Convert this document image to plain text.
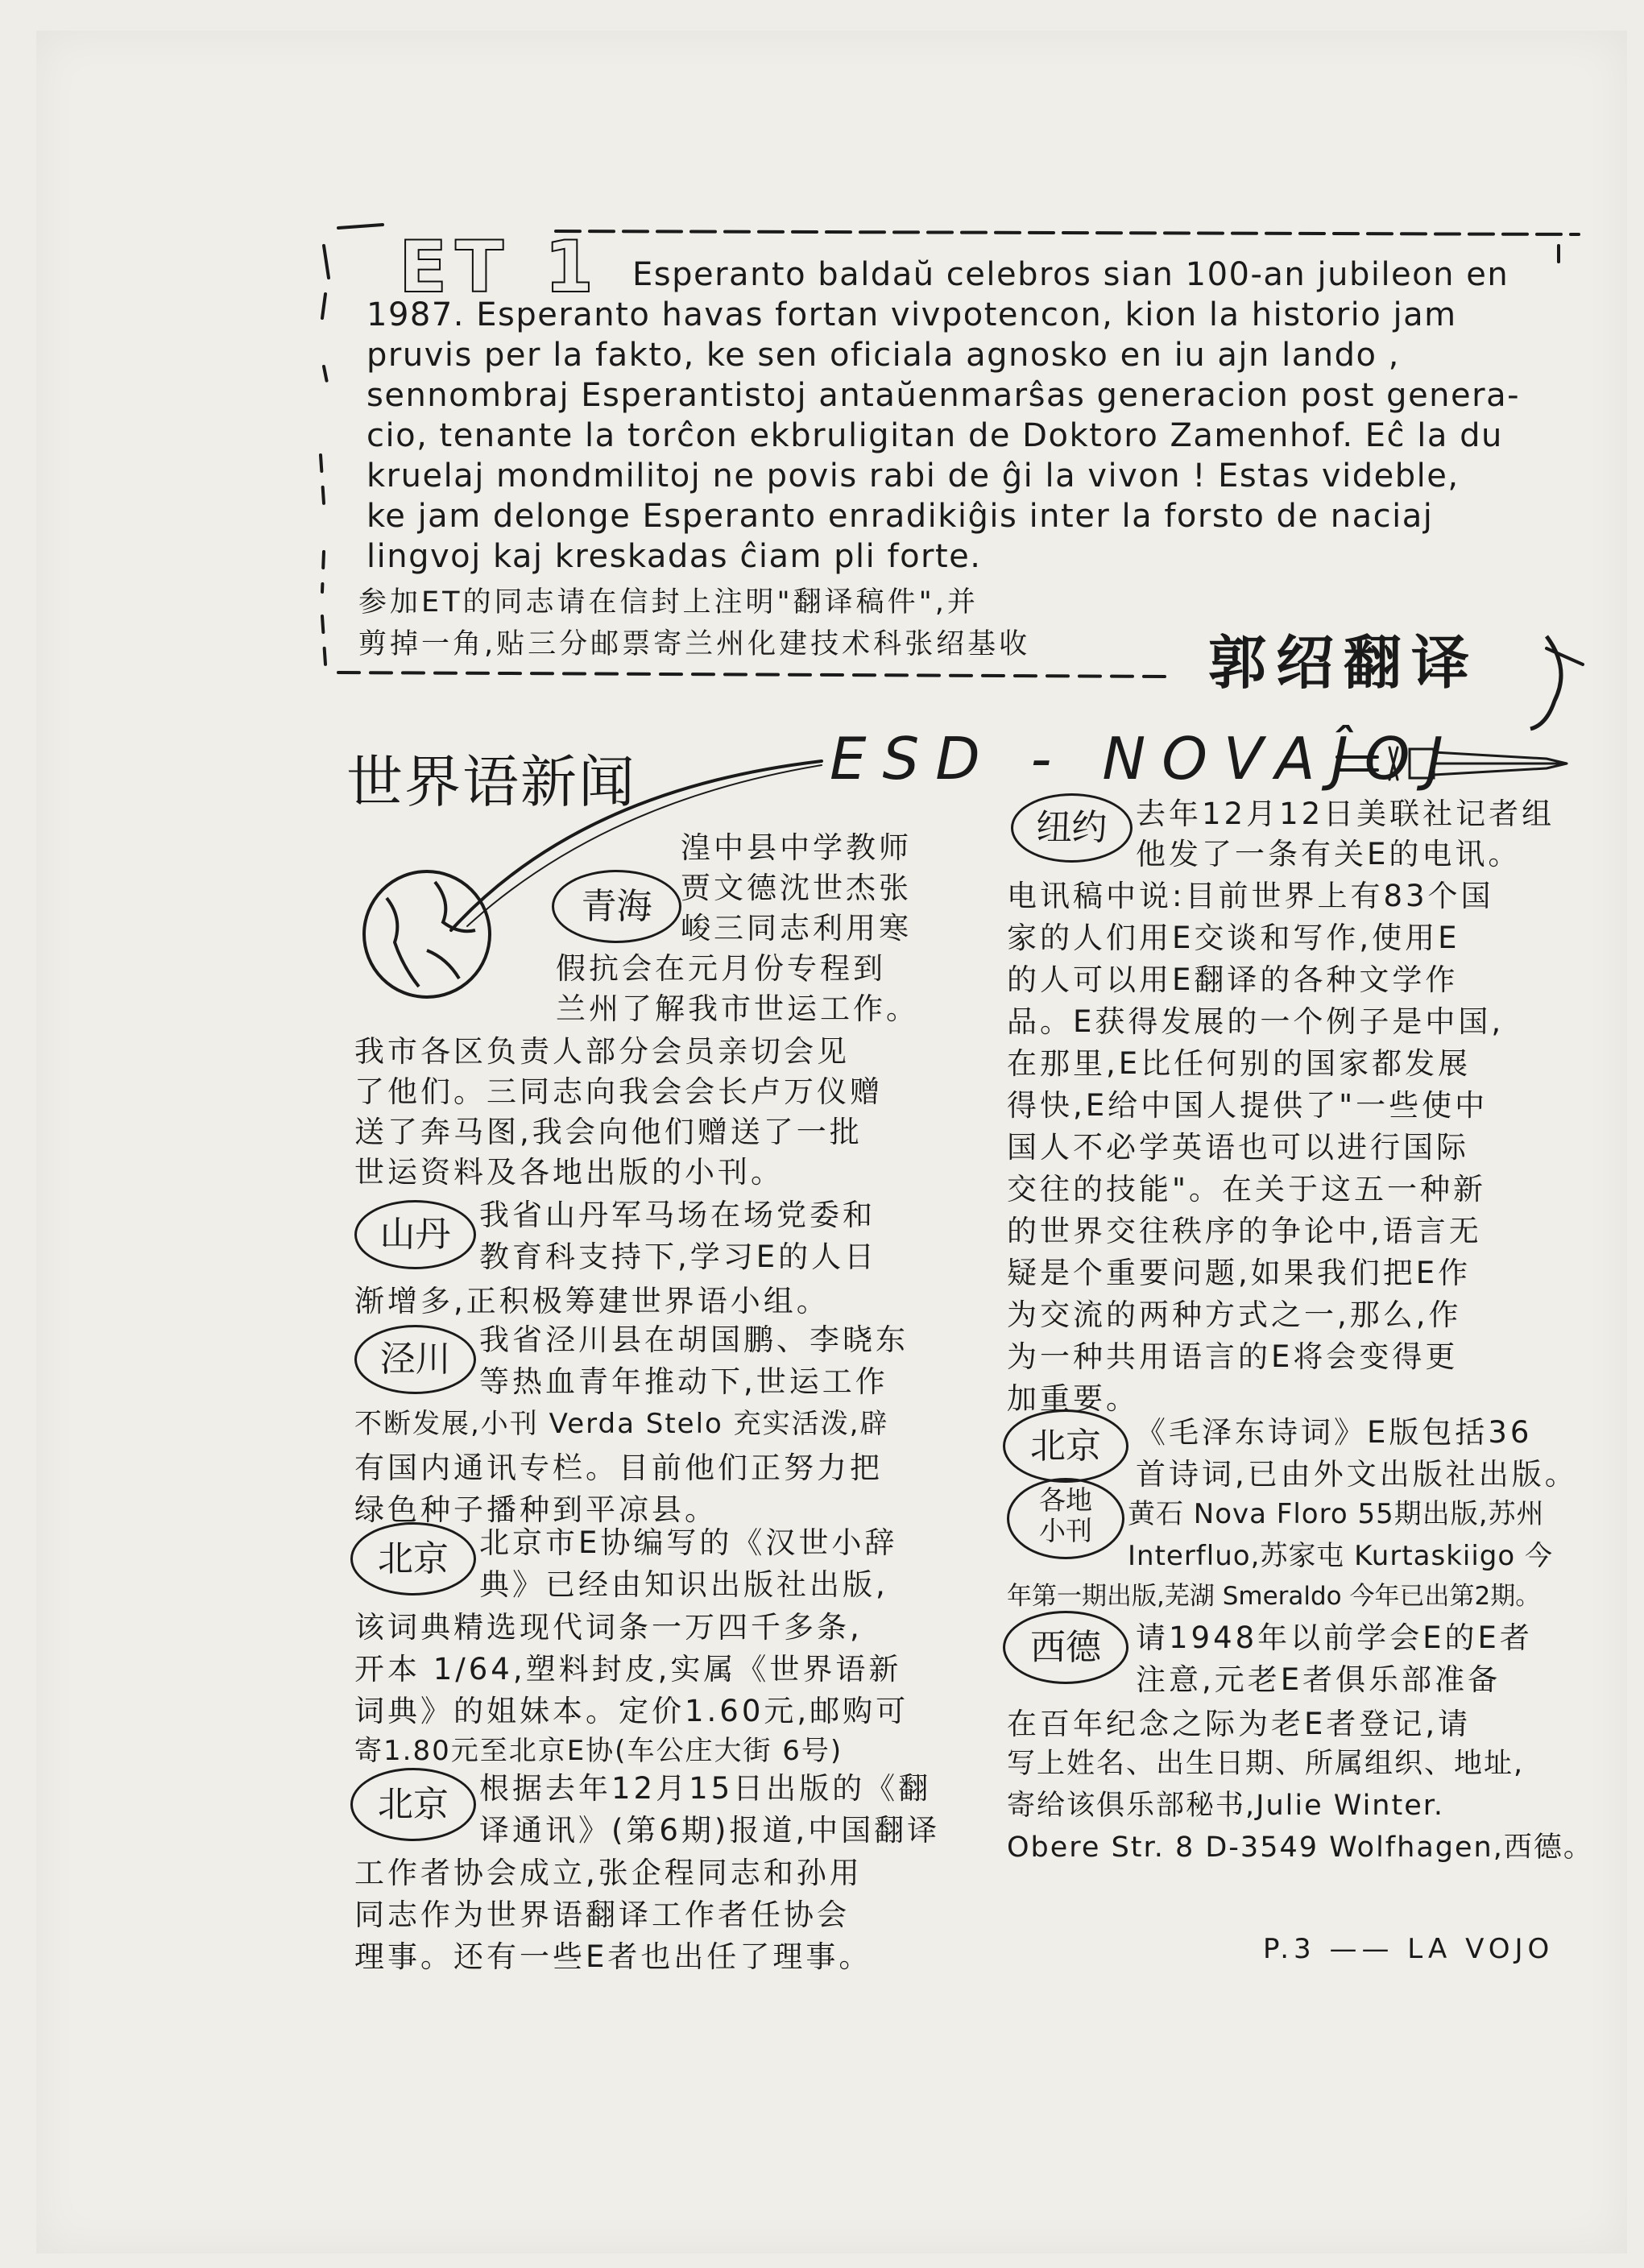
ET 1 Esperanto baldaŭ celebros sian 100-an jubileon en
1987. Esperanto havas fortan vivpotencon, kion la historio jam
pruvis per la fakto, ke sen oficiala agnosko en iu ajn lando ,
sennombraj Esperantistoj antaŭenmarŝas generacion post genera-
cio, tenante la torĉon ekbruligitan de Doktoro Zamenhof. Eĉ la du
kruelaj mondmilitoj ne povis rabi de ĝi la vivon ! Estas videble,
ke jam delonge Esperanto enradikiĝis inter la forsto de naciaj
lingvoj kaj kreskadas ĉiam pli forte.
参加ET的同志请在信封上注明"翻译稿件",并
剪掉一角,贴三分邮票寄兰州化建技术科张绍基收	郭绍翻译
世界语新闻	ESD - NOVAĴOJ
青海
湟中县中学教师
贾文德沈世杰张
峻三同志利用寒
假抗会在元月份专程到
兰州了解我市世运工作。
我市各区负责人部分会员亲切会见
了他们。三同志向我会会长卢万仪赠
送了奔马图,我会向他们赠送了一批
世运资料及各地出版的小刊。
山丹 我省山丹军马场在场党委和
教育科支持下,学习E的人日
渐增多,正积极筹建世界语小组。
泾川 我省泾川县在胡国鹏、李晓东
等热血青年推动下,世运工作
不断发展,小刊 Verda Stelo 充实活泼,辟
有国内通讯专栏。目前他们正努力把
绿色种子播种到平凉县。
北京	北京市E协编写的《汉世小辞
典》已经由知识出版社出版,
该词典精选现代词条一万四千多条,
开本 1/64,塑料封皮,实属《世界语新
词典》的姐妹本。定价1.60元,邮购可
寄1.80元至北京E协(车公庄大街 6号)
北京	根据去年12月15日出版的《翻
译通讯》(第6期)报道,中国翻译
工作者协会成立,张企程同志和孙用
同志作为世界语翻译工作者任协会
理事。还有一些E者也出任了理事。
纽约 去年12月12日美联社记者组
他发了一条有关E的电讯。
电讯稿中说:目前世界上有83个国
家的人们用E交谈和写作,使用E
的人可以用E翻译的各种文学作
品。E获得发展的一个例子是中国,
在那里,E比任何别的国家都发展
得快,E给中国人提供了"一些使中
国人不必学英语也可以进行国际
交往的技能"。在关于这五一种新
的世界交往秩序的争论中,语言无
疑是个重要问题,如果我们把E作
为交流的两种方式之一,那么,作
为一种共用语言的E将会变得更
加重要。
北京	《毛泽东诗词》E版包括36
首诗词,已由外文出版社出版。
各地
小刊
黄石 Nova Floro 55期出版,苏州
Interfluo,苏家屯 Kurtaskiigo 今
年第一期出版,芜湖 Smeraldo 今年已出第2期。
西德	请1948年以前学会E的E者
注意,元老E者俱乐部准备
在百年纪念之际为老E者登记,请
写上姓名、出生日期、所属组织、地址,
寄给该俱乐部秘书,Julie Winter.
Obere Str. 8 D-3549 Wolfhagen,西德。
P.3 —— LA VOJO
